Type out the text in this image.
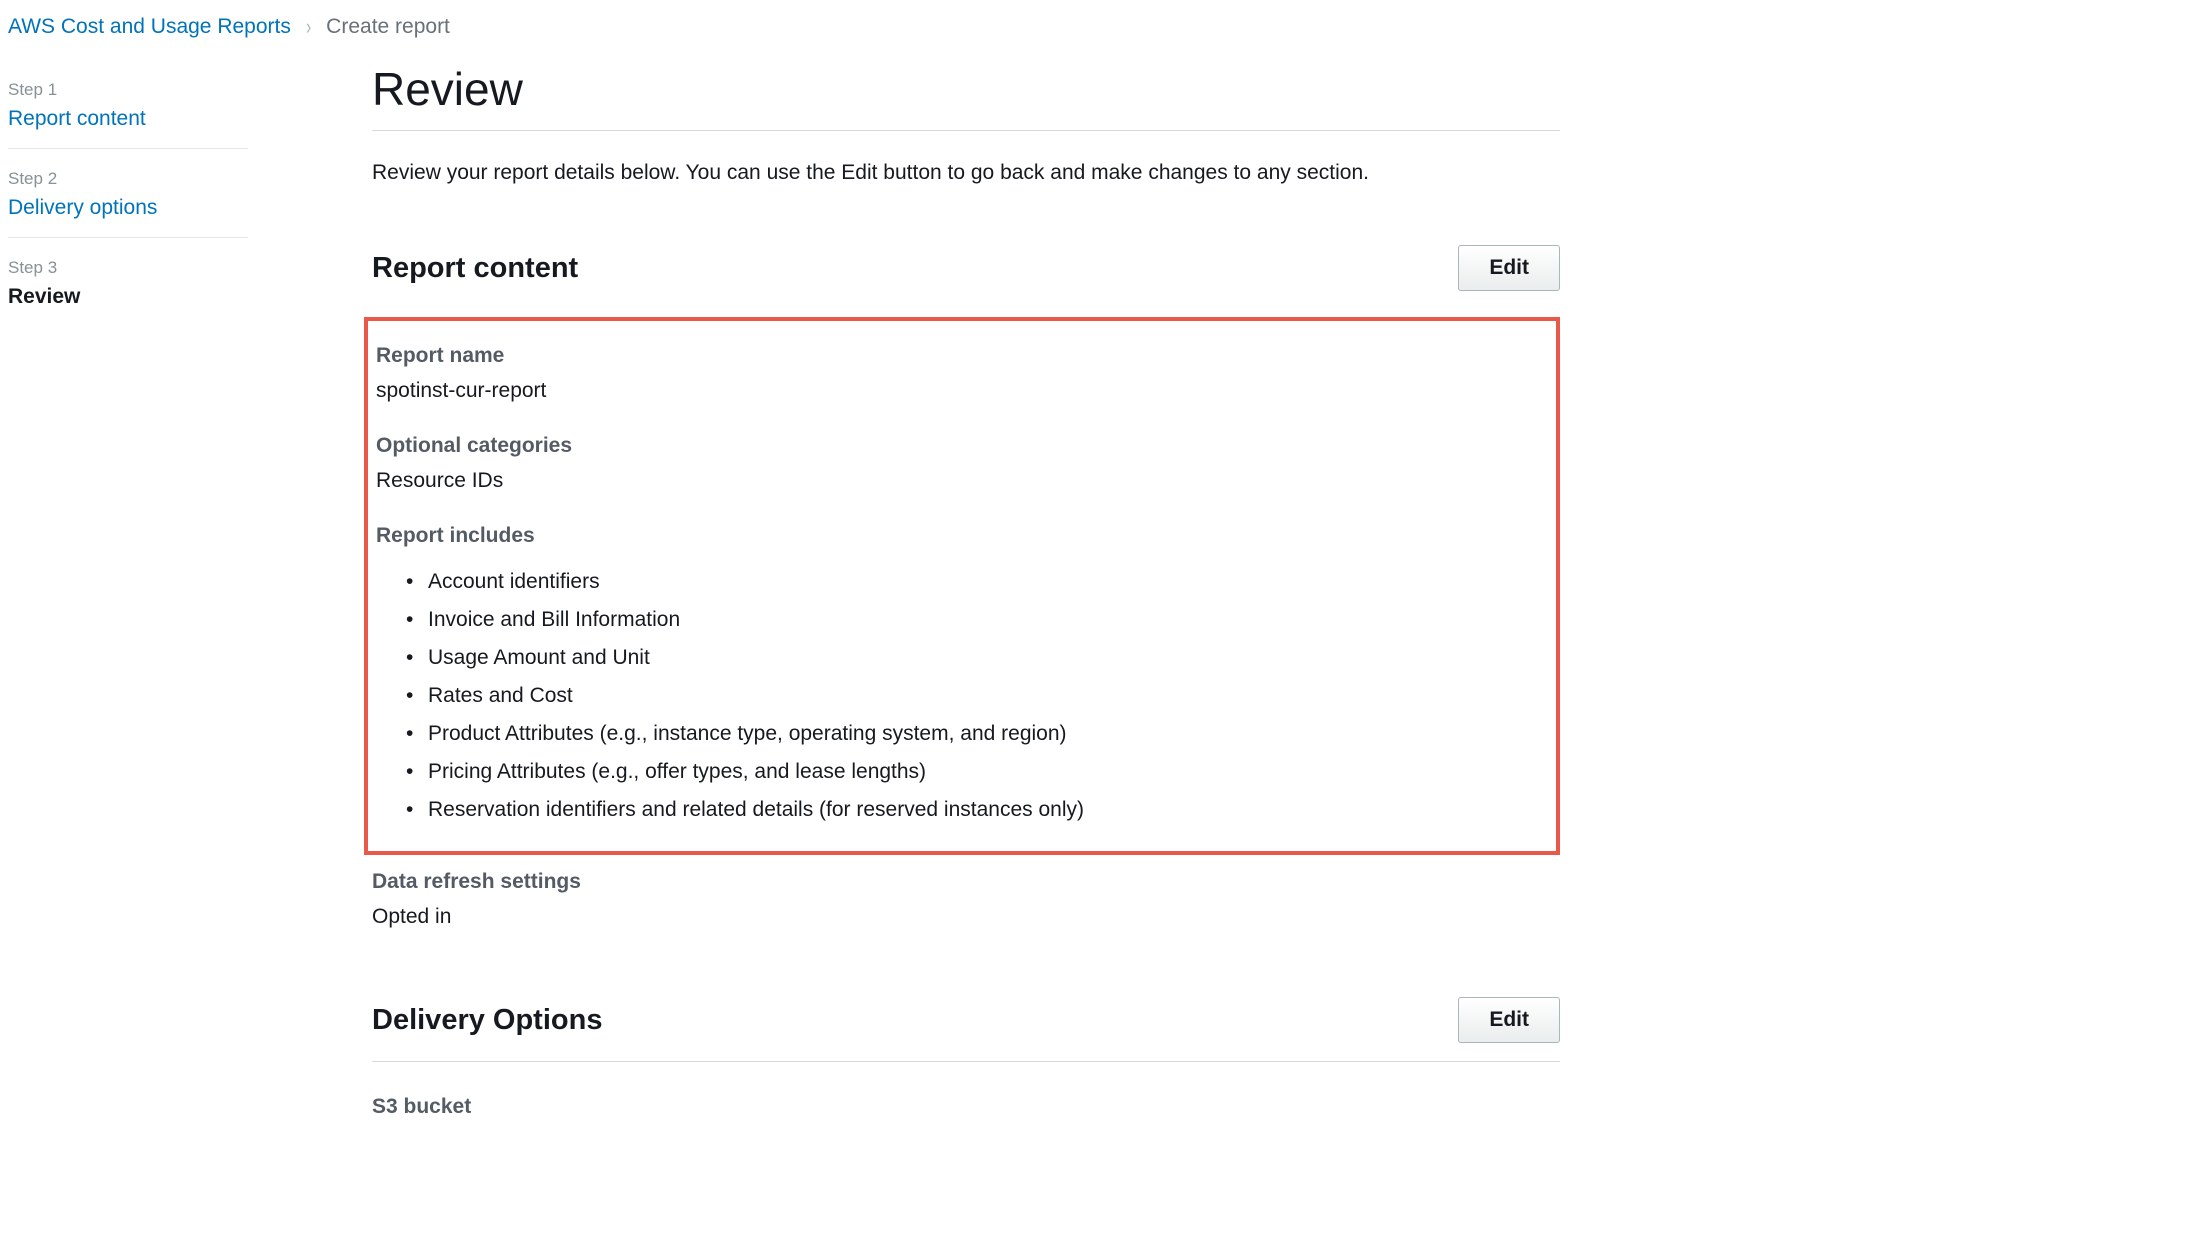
AWS Cost and Usage Reports › Create report
Step 1
Report content
Step 2
Delivery options
Step 3
Review
Review
Review your report details below. You can use the Edit button to go back and make changes to any section.
Report content	Edit
Report name
spotinst-cur-report
Optional categories
Resource IDs
Report includes
• Account identifiers
• Invoice and Bill Information
• Usage Amount and Unit
• Rates and Cost
• Product Attributes (e.g., instance type, operating system, and region)
• Pricing Attributes (e.g., offer types, and lease lengths)
• Reservation identifiers and related details (for reserved instances only)
Data refresh settings
Opted in
Delivery Options	Edit
S3 bucket
